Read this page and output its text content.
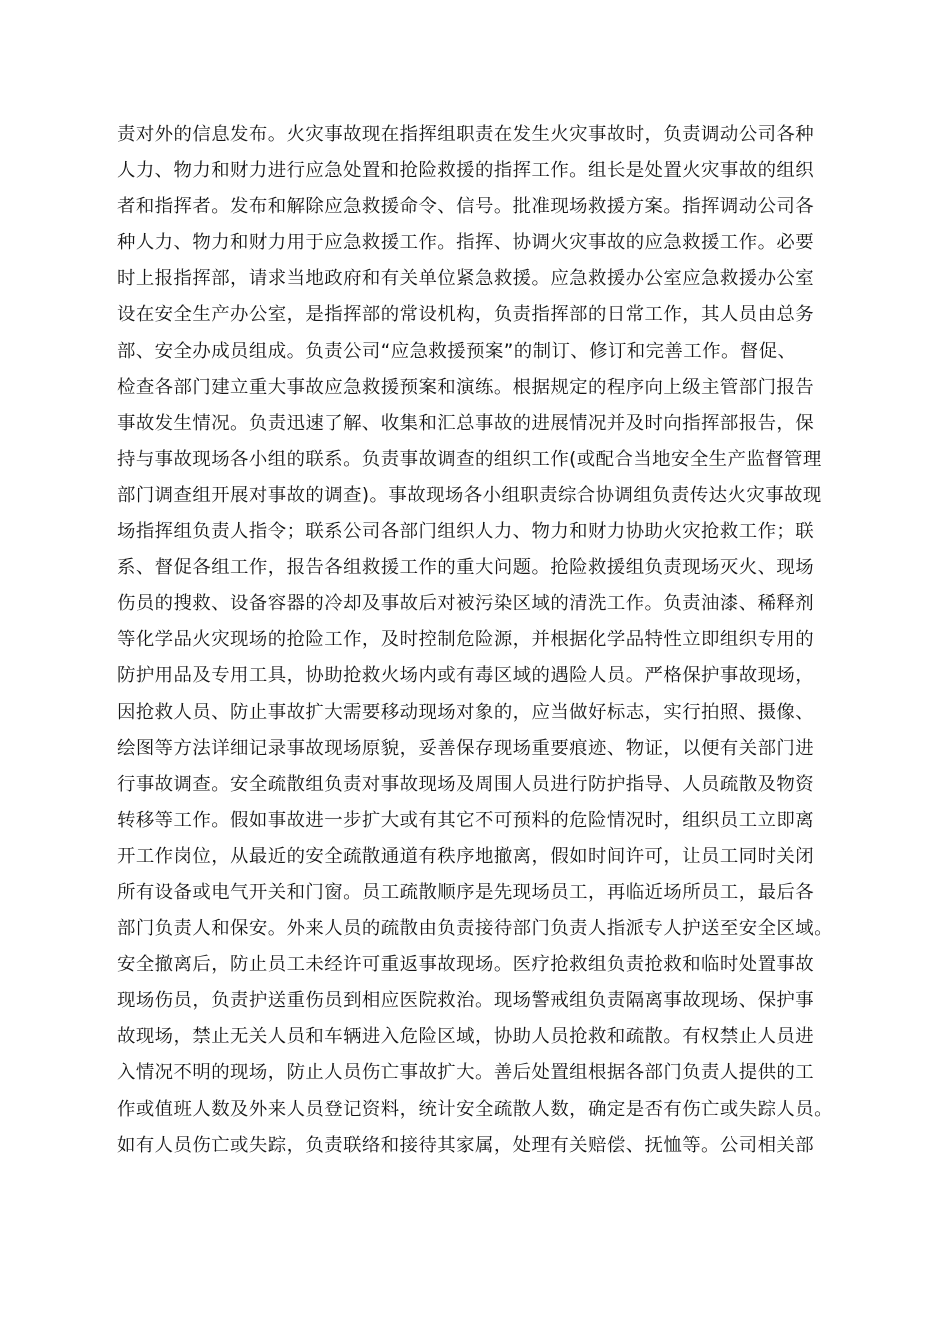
责对外的信息发布。火灾事故现在指挥组职责在发生火灾事故时，负责调动公司各种
人力、物力和财力进行应急处置和抢险救援的指挥工作。组长是处置火灾事故的组织
者和指挥者。发布和解除应急救援命令、信号。批准现场救援方案。指挥调动公司各
种人力、物力和财力用于应急救援工作。指挥、协调火灾事故的应急救援工作。必要
时上报指挥部，请求当地政府和有关单位紧急救援。应急救援办公室应急救援办公室
设在安全生产办公室，是指挥部的常设机构，负责指挥部的日常工作，其人员由总务
部、安全办成员组成。负责公司“应急救援预案”的制订、修订和完善工作。督促、
检查各部门建立重大事故应急救援预案和演练。根据规定的程序向上级主管部门报告
事故发生情况。负责迅速了解、收集和汇总事故的进展情况并及时向指挥部报告，保
持与事故现场各小组的联系。负责事故调查的组织工作(或配合当地安全生产监督管理
部门调查组开展对事故的调查)。事故现场各小组职责综合协调组负责传达火灾事故现
场指挥组负责人指令；联系公司各部门组织人力、物力和财力协助火灾抢救工作；联
系、督促各组工作，报告各组救援工作的重大问题。抢险救援组负责现场灭火、现场
伤员的搜救、设备容器的冷却及事故后对被污染区域的清洗工作。负责油漆、稀释剂
等化学品火灾现场的抢险工作，及时控制危险源，并根据化学品特性立即组织专用的
防护用品及专用工具，协助抢救火场内或有毒区域的遇险人员。严格保护事故现场，
因抢救人员、防止事故扩大需要移动现场对象的，应当做好标志，实行拍照、摄像、
绘图等方法详细记录事故现场原貌，妥善保存现场重要痕迹、物证，以便有关部门进
行事故调查。安全疏散组负责对事故现场及周围人员进行防护指导、人员疏散及物资
转移等工作。假如事故进一步扩大或有其它不可预料的危险情况时，组织员工立即离
开工作岗位，从最近的安全疏散通道有秩序地撤离，假如时间许可，让员工同时关闭
所有设备或电气开关和门窗。员工疏散顺序是先现场员工，再临近场所员工，最后各
部门负责人和保安。外来人员的疏散由负责接待部门负责人指派专人护送至安全区域。
安全撤离后，防止员工未经许可重返事故现场。医疗抢救组负责抢救和临时处置事故
现场伤员，负责护送重伤员到相应医院救治。现场警戒组负责隔离事故现场、保护事
故现场，禁止无关人员和车辆进入危险区域，协助人员抢救和疏散。有权禁止人员进
入情况不明的现场，防止人员伤亡事故扩大。善后处置组根据各部门负责人提供的工
作或值班人数及外来人员登记资料，统计安全疏散人数，确定是否有伤亡或失踪人员。
如有人员伤亡或失踪，负责联络和接待其家属，处理有关赔偿、抚恤等。公司相关部
